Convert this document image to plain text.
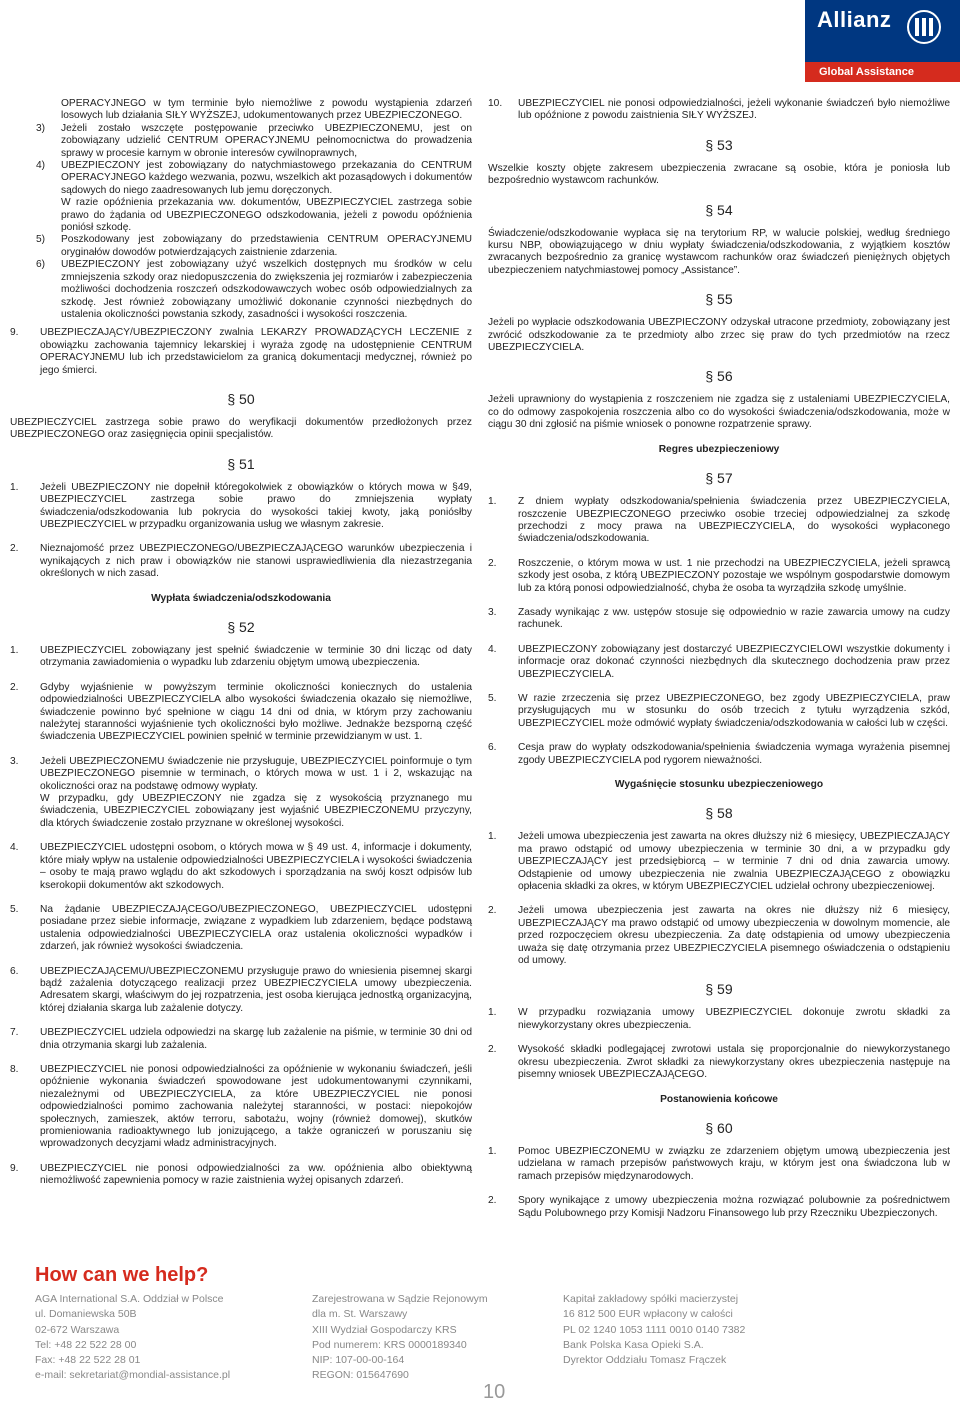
Allianz
Global Assistance
OPERACYJNEGO w tym terminie było niemożliwe z powodu wystąpienia zdarzeń losowych lub działania SIŁY WYŻSZEJ, udokumentowanych przez UBEZPIECZONEGO.
3) Jeżeli zostało wszczęte postępowanie przeciwko UBEZPIECZONEMU, jest on zobowiązany udzielić CENTRUM OPERACYJNEMU pełnomocnictwa do prowadzenia sprawy w procesie karnym w obronie interesów cywilnoprawnych,
4) UBEZPIECZONY jest zobowiązany do natychmiastowego przekazania do CENTRUM OPERACYJNEGO każdego wezwania, pozwu, wszelkich akt pozasądowych i dokumentów sądowych do niego zaadresowanych lub jemu doręczonych.
W razie opóźnienia przekazania ww. dokumentów, UBEZPIECZYCIEL zastrzega sobie prawo do żądania od UBEZPIECZONEGO odszkodowania, jeżeli z powodu opóźnienia poniósł szkodę.
5) Poszkodowany jest zobowiązany do przedstawienia CENTRUM OPERACYJNEMU oryginałów dowodów potwierdzających zaistnienie zdarzenia.
6) UBEZPIECZONY jest zobowiązany użyć wszelkich dostępnych mu środków w celu zmniejszenia szkody oraz niedopuszczenia do zwiększenia jej rozmiarów i zabezpieczenia możliwości dochodzenia roszczeń odszkodowawczych wobec osób odpowiedzialnych za szkodę. Jest również zobowiązany umożliwić dokonanie czynności niezbędnych do ustalenia okoliczności powstania szkody, zasadności i wysokości roszczenia.
9. UBEZPIECZAJĄCY/UBEZPIECZONY zwalnia LEKARZY PROWADZĄCYCH LECZENIE z obowiązku zachowania tajemnicy lekarskiej i wyraża zgodę na udostępnienie CENTRUM OPERACYJNEMU lub ich przedstawicielom za granicą dokumentacji medycznej, również po jego śmierci.
§ 50

UBEZPIECZYCIEL zastrzega sobie prawo do weryfikacji dokumentów przedłożonych przez UBEZPIECZONEGO oraz zasięgnięcia opinii specjalistów.

§ 51
1. Jeżeli UBEZPIECZONY nie dopełnił któregokolwiek z obowiązków o których mowa w §49, UBEZPIECZYCIEL zastrzega sobie prawo do zmniejszenia wypłaty świadczenia/odszkodowania lub pokrycia do wysokości takiej kwoty, jaką poniósłby UBEZPIECZYCIEL w przypadku organizowania usług we własnym zakresie.
2. Nieznajomość przez UBEZPIECZONEGO/UBEZPIECZAJĄCEGO warunków ubezpieczenia i wynikających z nich praw i obowiązków nie stanowi usprawiedliwienia dla niezastrzegania określonych w nich zasad.
Wypłata świadczenia/odszkodowania
§ 52
1. UBEZPIECZYCIEL zobowiązany jest spełnić świadczenie w terminie 30 dni licząc od daty otrzymania zawiadomienia o wypadku lub zdarzeniu objętym umową ubezpieczenia.
2. Gdyby wyjaśnienie w powyższym terminie okoliczności koniecznych do ustalenia odpowiedzialności UBEZPIECZYCIELA albo wysokości świadczenia okazało się niemożliwe, świadczenie powinno być spełnione w ciągu 14 dni od dnia, w którym przy zachowaniu należytej staranności wyjaśnienie tych okoliczności było możliwe. Jednakże bezsporną część świadczenia UBEZPIECZYCIEL powinien spełnić w terminie przewidzianym w ust. 1.
3. Jeżeli UBEZPIECZONEMU świadczenie nie przysługuje, UBEZPIECZYCIEL poinformuje o tym UBEZPIECZONEGO pisemnie w terminach, o których mowa w ust. 1 i 2, wskazując na okoliczności oraz na podstawę odmowy wypłaty.
W przypadku, gdy UBEZPIECZONY nie zgadza się z wysokością przyznanego mu świadczenia, UBEZPIECZYCIEL zobowiązany jest wyjaśnić UBEZPIECZONEMU przyczyny, dla których świadczenie zostało przyznane w określonej wysokości.
4. UBEZPIECZYCIEL udostępni osobom, o których mowa w § 49 ust. 4, informacje i dokumenty, które miały wpływ na ustalenie odpowiedzialności UBEZPIECZYCIELA i wysokości świadczenia – osoby te mają prawo wglądu do akt szkodowych i sporządzania na swój koszt odpisów lub kserokopii dokumentów akt szkodowych.
5. Na żądanie UBEZPIECZAJĄCEGO/UBEZPIECZONEGO, UBEZPIECZYCIEL udostępni posiadane przez siebie informacje, związane z wypadkiem lub zdarzeniem, będące podstawą ustalenia odpowiedzialności UBEZPIECZYCIELA oraz ustalenia okoliczności wypadków i zdarzeń, jak również wysokości świadczenia.
6. UBEZPIECZAJĄCEMU/UBEZPIECZONEMU przysługuje prawo do wniesienia pisemnej skargi bądź zażalenia dotyczącego realizacji przez UBEZPIECZYCIELA umowy ubezpieczenia. Adresatem skargi, właściwym do jej rozpatrzenia, jest osoba kierująca jednostką organizacyjną, której działania skarga lub zażalenie dotyczy.
7. UBEZPIECZYCIEL udziela odpowiedzi na skargę lub zażalenie na piśmie, w terminie 30 dni od dnia otrzymania skargi lub zażalenia.
8. UBEZPIECZYCIEL nie ponosi odpowiedzialności za opóźnienie w wykonaniu świadczeń, jeśli opóźnienie wykonania świadczeń spowodowane jest udokumentowanymi czynnikami, niezależnymi od UBEZPIECZYCIELA, za które UBEZPIECZYCIEL nie ponosi odpowiedzialności pomimo zachowania należytej staranności, w postaci: niepokojów społecznych, zamieszek, aktów terroru, sabotażu, wojny (również domowej), skutków promieniowania radioaktywnego lub jonizującego, a także ograniczeń w poruszaniu się wprowadzonych decyzjami władz administracyjnych.
9. UBEZPIECZYCIEL nie ponosi odpowiedzialności za ww. opóźnienia albo obiektywną niemożliwość zapewnienia pomocy w razie zaistnienia wyżej opisanych zdarzeń.
10. UBEZPIECZYCIEL nie ponosi odpowiedzialności, jeżeli wykonanie świadczeń było niemożliwe lub opóźnione z powodu zaistnienia SIŁY WYŻSZEJ.
§ 53

Wszelkie koszty objęte zakresem ubezpieczenia zwracane są osobie, która je poniosła lub bezpośrednio wystawcom rachunków.

§ 54

Świadczenie/odszkodowanie wypłaca się na terytorium RP, w walucie polskiej, według średniego kursu NBP, obowiązującego w dniu wypłaty świadczenia/odszkodowania, z wyjątkiem kosztów zwracanych bezpośrednio za granicę wystawcom rachunków oraz świadczeń pieniężnych objętych ubezpieczeniem natychmiastowej pomocy „Assistance”.

§ 55

Jeżeli po wypłacie odszkodowania UBEZPIECZONY odzyskał utracone przedmioty, zobowiązany jest zwrócić odszkodowanie za te przedmioty albo zrzec się praw do tych przedmiotów na rzecz UBEZPIECZYCIELA.

§ 56

Jeżeli uprawniony do wystąpienia z roszczeniem nie zgadza się z ustaleniami UBEZPIECZYCIELA, co do odmowy zaspokojenia roszczenia albo co do wysokości świadczenia/odszkodowania, może w ciągu 30 dni zgłosić na piśmie wniosek o ponowne rozpatrzenie sprawy.

Regres ubezpieczeniowy
§ 57
1. Z dniem wypłaty odszkodowania/spełnienia świadczenia przez UBEZPIECZYCIELA, roszczenie UBEZPIECZONEGO przeciwko osobie trzeciej odpowiedzialnej za szkodę przechodzi z mocy prawa na UBEZPIECZYCIELA, do wysokości wypłaconego świadczenia/odszkodowania.
2. Roszczenie, o którym mowa w ust. 1 nie przechodzi na UBEZPIECZYCIELA, jeżeli sprawcą szkody jest osoba, z którą UBEZPIECZONY pozostaje we wspólnym gospodarstwie domowym lub za którą ponosi odpowiedzialność, chyba że osoba ta wyrządziła szkodę umyślnie.
3. Zasady wynikając z ww. ustępów stosuje się odpowiednio w razie zawarcia umowy na cudzy rachunek.
4. UBEZPIECZONY zobowiązany jest dostarczyć UBEZPIECZYCIELOWI wszystkie dokumenty i informacje oraz dokonać czynności niezbędnych dla skutecznego dochodzenia praw przez UBEZPIECZYCIELA.
5. W razie zrzeczenia się przez UBEZPIECZONEGO, bez zgody UBEZPIECZYCIELA, praw przysługujących mu w stosunku do osób trzecich z tytułu wyrządzenia szkód, UBEZPIECZYCIEL może odmówić wypłaty świadczenia/odszkodowania w całości lub w części.
6. Cesja praw do wypłaty odszkodowania/spełnienia świadczenia wymaga wyrażenia pisemnej zgody UBEZPIECZYCIELA pod rygorem nieważności.
Wygaśnięcie stosunku ubezpieczeniowego
§ 58
1. Jeżeli umowa ubezpieczenia jest zawarta na okres dłuższy niż 6 miesięcy, UBEZPIECZAJĄCY ma prawo odstąpić od umowy ubezpieczenia w terminie 30 dni, a w przypadku gdy UBEZPIECZAJĄCY jest przedsiębiorcą – w terminie 7 dni od dnia zawarcia umowy. Odstąpienie od umowy ubezpieczenia nie zwalnia UBEZPIECZAJĄCEGO z obowiązku opłacenia składki za okres, w którym UBEZPIECZYCIEL udzielał ochrony ubezpieczeniowej.
2. Jeżeli umowa ubezpieczenia jest zawarta na okres nie dłuższy niż 6 miesięcy, UBEZPIECZAJĄCY ma prawo odstąpić od umowy ubezpieczenia w dowolnym momencie, ale przed rozpoczęciem okresu ubezpieczenia. Za datę odstąpienia od umowy ubezpieczenia uważa się datę otrzymania przez UBEZPIECZYCIELA pisemnego oświadczenia o odstąpieniu od umowy.
§ 59
1. W przypadku rozwiązania umowy UBEZPIECZYCIEL dokonuje zwrotu składki za niewykorzystany okres ubezpieczenia.
2. Wysokość składki podlegającej zwrotowi ustala się proporcjonalnie do niewykorzystanego okresu ubezpieczenia. Zwrot składki za niewykorzystany okres ubezpieczenia następuje na pisemny wniosek UBEZPIECZAJĄCEGO.
Postanowienia końcowe
§ 60
1. Pomoc UBEZPIECZONEMU w związku ze zdarzeniem objętym umową ubezpieczenia jest udzielana w ramach przepisów państwowych kraju, w którym jest ona świadczona lub w ramach przepisów międzynarodowych.
2. Spory wynikające z umowy ubezpieczenia można rozwiązać polubownie za pośrednictwem Sądu Polubownego przy Komisji Nadzoru Finansowego lub przy Rzeczniku Ubezpieczonych.
How can we help?
AGA International S.A. Oddział w Polsce
ul. Domaniewska 50B
02-672 Warszawa
Tel: +48 22 522 28 00
Fax: +48 22 522 28 01
e-mail: sekretariat@mondial-assistance.pl
Zarejestrowana w Sądzie Rejonowym
dla m. St. Warszawy
XIII Wydział Gospodarczy KRS
Pod numerem: KRS 0000189340
NIP: 107-00-00-164
REGON: 015647690
Kapitał zakładowy spółki macierzystej
16 812 500 EUR wpłacony w całości
PL 02 1240 1053 1111 0010 0140 7382
Bank Polska Kasa Opieki S.A.
Dyrektor Oddziału Tomasz Frączek
10
